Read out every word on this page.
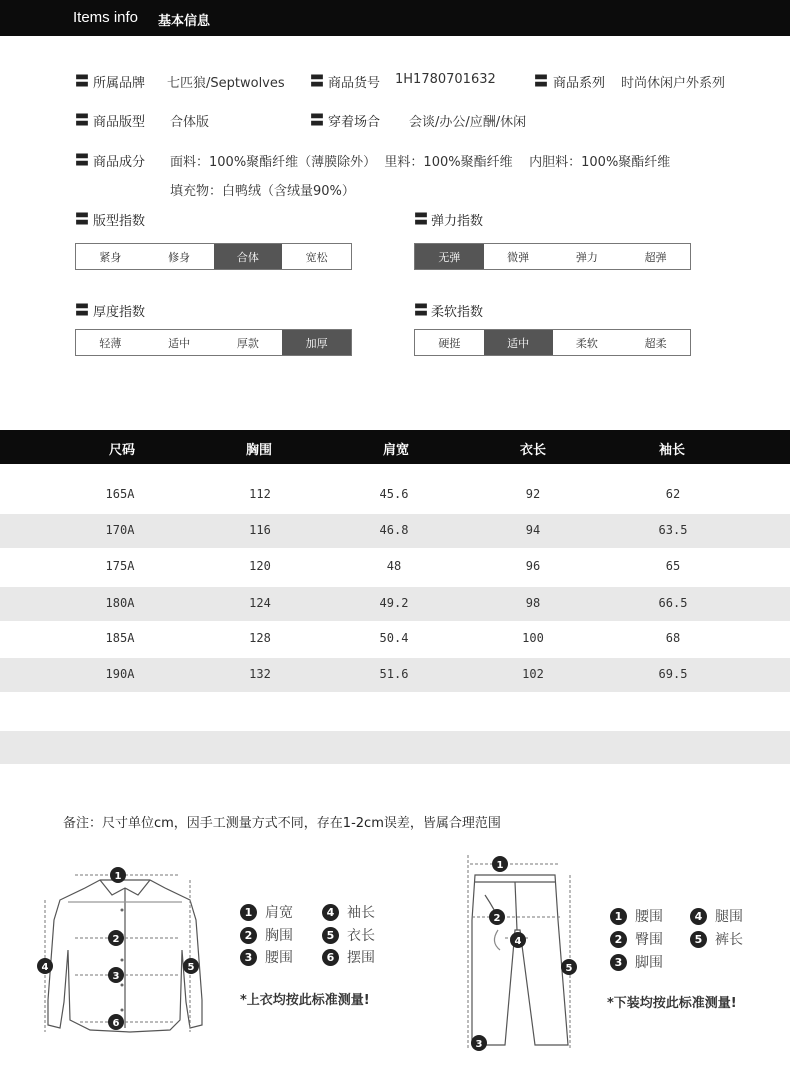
Items info 基本信息
〓 所属品牌 七匹狼/Septwolves 〓 商品货号 1H1780701632	〓 商品系列 时尚休闲户外系列
〓 商品版型 合体版	〓 穿着场合 会谈/办公/应酬/休闲
〓 商品成分 面料：100%聚酯纤维（薄膜除外）  里料：100%聚酯纤维    内胆料：100%聚酯纤维
填充物：白鸭绒（含绒量90%）
〓 版型指数
紧身	修身	合体	宽松
〓 弹力指数
无弹	微弹	弹力	超弹
〓 厚度指数
轻薄	适中	厚款	加厚
〓 柔软指数
硬挺	适中	柔软	超柔
尺码	胸围	肩宽	衣长	袖长
165A	112	45.6	92	62
170A	116	46.8	94	63.5
175A	120	48	96	65
180A	124	49.2	98	66.5
185A	128	50.4	100	68
190A	132	51.6	102	69.5
备注：尺寸单位cm，因手工测量方式不同，存在1-2cm误差，皆属合理范围
1
2
3
4	5
6
1 肩宽	4 袖长
2 胸围	5 衣长
3 腰围	6 摆围
*上衣均按此标准测量!
1
2
3
4
5
1 腰围	4 腿围
2 臀围	5 裤长
3 脚围
*下装均按此标准测量!
